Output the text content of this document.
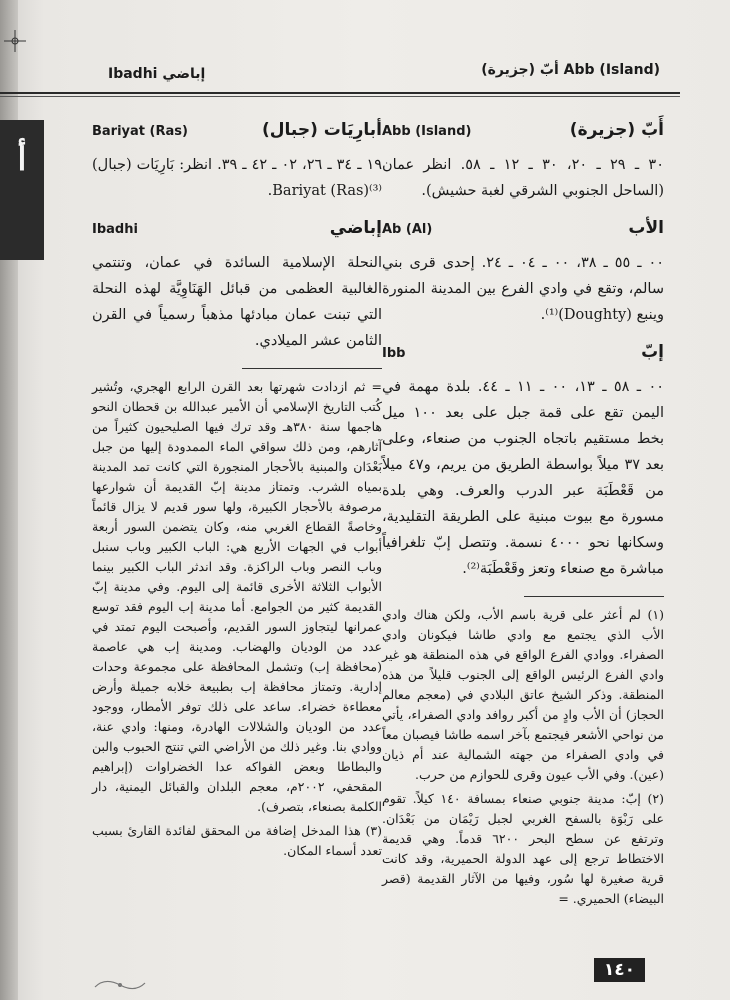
إباضي Ibadhi	Abb (Island) أبّ (جزيرة)
أ
أبارِيَات (جبال)
Bariyat (Ras)
١٩ ـ ٣٤ ـ ٢٦، ٠٢ ـ ٤٢ ـ ٣٩. انظر: بَارِيَات (جبال) Bariyat (Ras)⁽³⁾.
إباضي
Ibadhi
النحلة الإسلامية السائدة في عمان، وتنتمي الغالبية العظمى من قبائل الهَنَاوِيَّة لهذه النحلة التي تبنت عمان مبادئها مذهباً رسمياً في القرن الثامن عشر الميلادي.

= ثم ازدادت شهرتها بعد القرن الرابع الهجري، وتُشير كُتب التاريخ الإسلامي أن الأمير عبدالله بن قحطان النحو هاجمها سنة ٣٨٠هـ وقد ترك فيها الصليحيون كثيراً من آثارهم، ومن ذلك سواقي الماء الممدودة إليها من جبل بَعْدَان والمبنية بالأحجار المنجورة التي كانت تمد المدينة بمياه الشرب. وتمتاز مدينة إبّ القديمة أن شوارعها مرصوفة بالأحجار الكبيرة، ولها سور قديم لا يزال قائماً وخاصةً القطاع الغربي منه، وكان يتضمن السور أربعة أبواب في الجهات الأربع هي: الباب الكبير وباب سنبل وباب النصر وباب الراكزة. وقد اندثر الباب الكبير بينما الأبواب الثلاثة الأخرى قائمة إلى اليوم. وفي مدينة إبّ القديمة كثير من الجوامع. أما مدينة إب اليوم فقد توسع عمرانها ليتجاوز السور القديم، وأصبحت اليوم تمتد في عدد من الوديان والهضاب. ومدينة إب هي عاصمة (محافظة إب) وتشمل المحافظة على مجموعة وحدات إدارية. وتمتاز محافظة إب بطبيعة خلابه جميلة وأرض معطاءة خضراء. ساعد على ذلك توفر الأمطار، ووجود عدد من الوديان والشلالات الهادرة، ومنها: وادي عنة، ووادي بنا. وغير ذلك من الأراضي التي تنتج الحبوب والبن والبطاطا وبعض الفواكه عدا الخضراوات (إبراهيم المقحفي، ٢٠٠٢م، معجم البلدان والقبائل اليمنية، دار الكلمة بصنعاء، بتصرف).

(٣) هذا المدخل إضافة من المحقق لفائدة القارئ بسبب تعدد أسماء المكان.

أَبّ (جزيرة)
Abb (Island)
٣٠ ـ ٢٩ ـ ٢٠، ٣٠ ـ ١٢ ـ ٥٨. انظر عمان (الساحل الجنوبي الشرقي لغبة حشيش).
الأب
Ab (Al)
٠٠ ـ ٥٥ ـ ٣٨، ٠٠ ـ ٠٤ ـ ٢٤. إحدى قرى بني سالم، وتقع في وادي الفرع بين المدينة المنورة وينبع (Doughty)⁽¹⁾.
إبّ
Ibb
٠٠ ـ ٥٨ ـ ١٣، ٠٠ ـ ١١ ـ ٤٤. بلدة مهمة في اليمن تقع على قمة جبل على بعد ١٠٠ ميل بخط مستقيم باتجاه الجنوب من صنعاء، وعلى بعد ٣٧ ميلاً بواسطة الطريق من يريم، و٤٧ ميلاً من قَعْطَبَة عبر الدرب والعرف. وهي بلدة مسورة مع بيوت مبنية على الطريقة التقليدية، وسكانها نحو ٤٠٠٠ نسمة. وتتصل إبّ تلغرافياً مباشرة مع صنعاء وتعز وقَعْطَبَة⁽²⁾.

(١) لم أعثر على قرية باسم الأب، ولكن هناك وادي الأب الذي يجتمع مع وادي طاشا فيكونان وادي الصفراء. ووادي الفرع الواقع في هذه المنطقة هو غير وادي الفرع الرئيس الواقع إلى الجنوب قليلاً من هذه المنطقة. وذكر الشيخ عاتق البلادي في (معجم معالم الحجاز) أن الأب وادٍ من أكبر روافد وادي الصفراء، يأتي من نواحي الأشعر فيجتمع بآخر اسمه طاشا فيصبان معاً في وادي الصفراء من جهته الشمالية عند أم ذيان (عين). وفي الأب عيون وقرى للحوازم من حرب.

(٢) إبّ: مدينة جنوبي صنعاء بمسافة ١٤٠ كيلاً. تقوم على رَبْوَة بالسفح الغربي لجبل رَيْمَان من بَعْدَان. وترتفع عن سطح البحر ٦٢٠٠ قدماً. وهي قديمة الاختطاط ترجع إلى عهد الدولة الحميرية، وقد كانت قرية صغيرة لها سُور، وفيها من الآثار القديمة (قصر البيضاء) الحميري. =

١٤٠
